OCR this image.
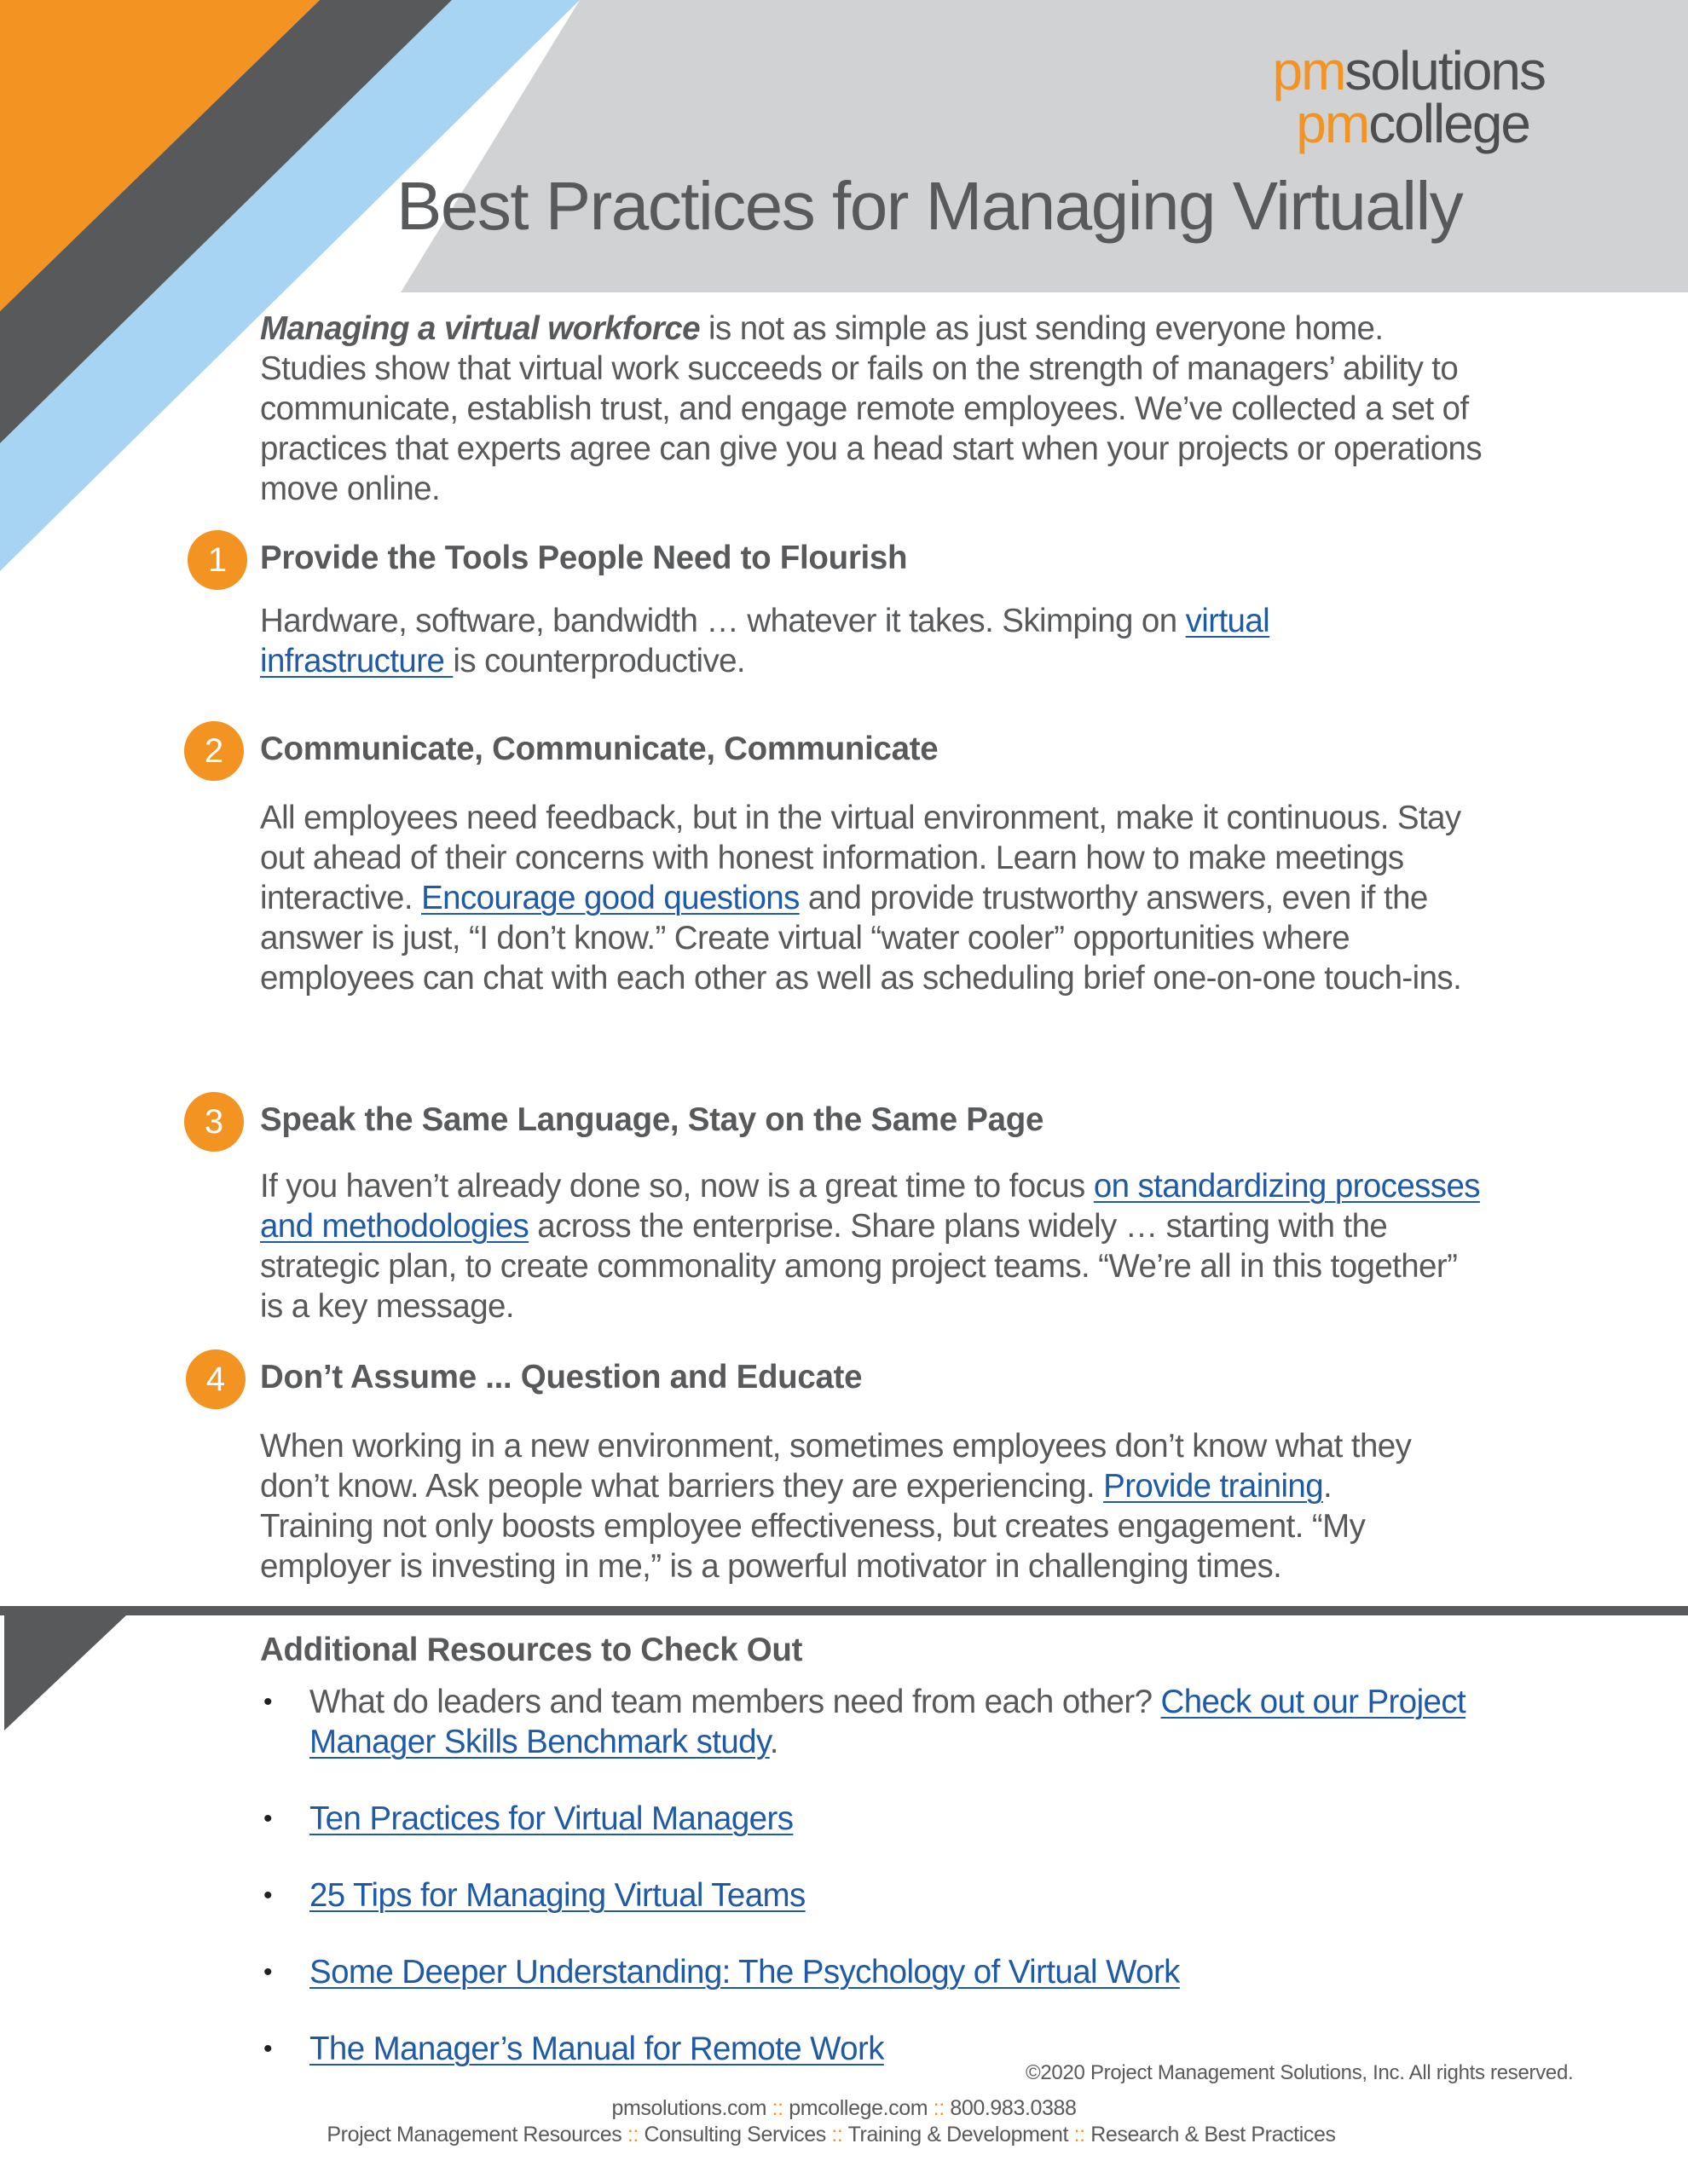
pmsolutions
pmcollege
Best Practices for Managing Virtually

Managing a virtual workforce is not as simple as just sending everyone home. Studies show that virtual work succeeds or fails on the strength of managers’ ability to communicate, establish trust, and engage remote employees. We’ve collected a set of practices that experts agree can give you a head start when your projects or operations move online.

1	Provide the Tools People Need to Flourish

Hardware, software, bandwidth … whatever it takes. Skimping on virtual infrastructure is counterproductive.

2	Communicate, Communicate, Communicate

All employees need feedback, but in the virtual environment, make it continuous. Stay out ahead of their concerns with honest information. Learn how to make meetings interactive. Encourage good questions and provide trustworthy answers, even if the answer is just, “I don’t know.” Create virtual “water cooler” opportunities where employees can chat with each other as well as scheduling brief one-on-one touch-ins.

3	Speak the Same Language, Stay on the Same Page

If you haven’t already done so, now is a great time to focus on standardizing processes and methodologies across the enterprise. Share plans widely … starting with the strategic plan, to create commonality among project teams. “We’re all in this together” is a key message.

4	Don’t Assume ... Question and Educate

When working in a new environment, sometimes employees don’t know what they don’t know. Ask people what barriers they are experiencing. Provide training. Training not only boosts employee effectiveness, but creates engagement. “My employer is investing in me,” is a powerful motivator in challenging times.

Additional Resources to Check Out
• What do leaders and team members need from each other? Check out our Project Manager Skills Benchmark study.
• Ten Practices for Virtual Managers
• 25 Tips for Managing Virtual Teams
• Some Deeper Understanding: The Psychology of Virtual Work
• The Manager’s Manual for Remote Work
©2020 Project Management Solutions, Inc. All rights reserved.
pmsolutions.com :: pmcollege.com :: 800.983.0388
Project Management Resources :: Consulting Services :: Training & Development :: Research & Best Practices
